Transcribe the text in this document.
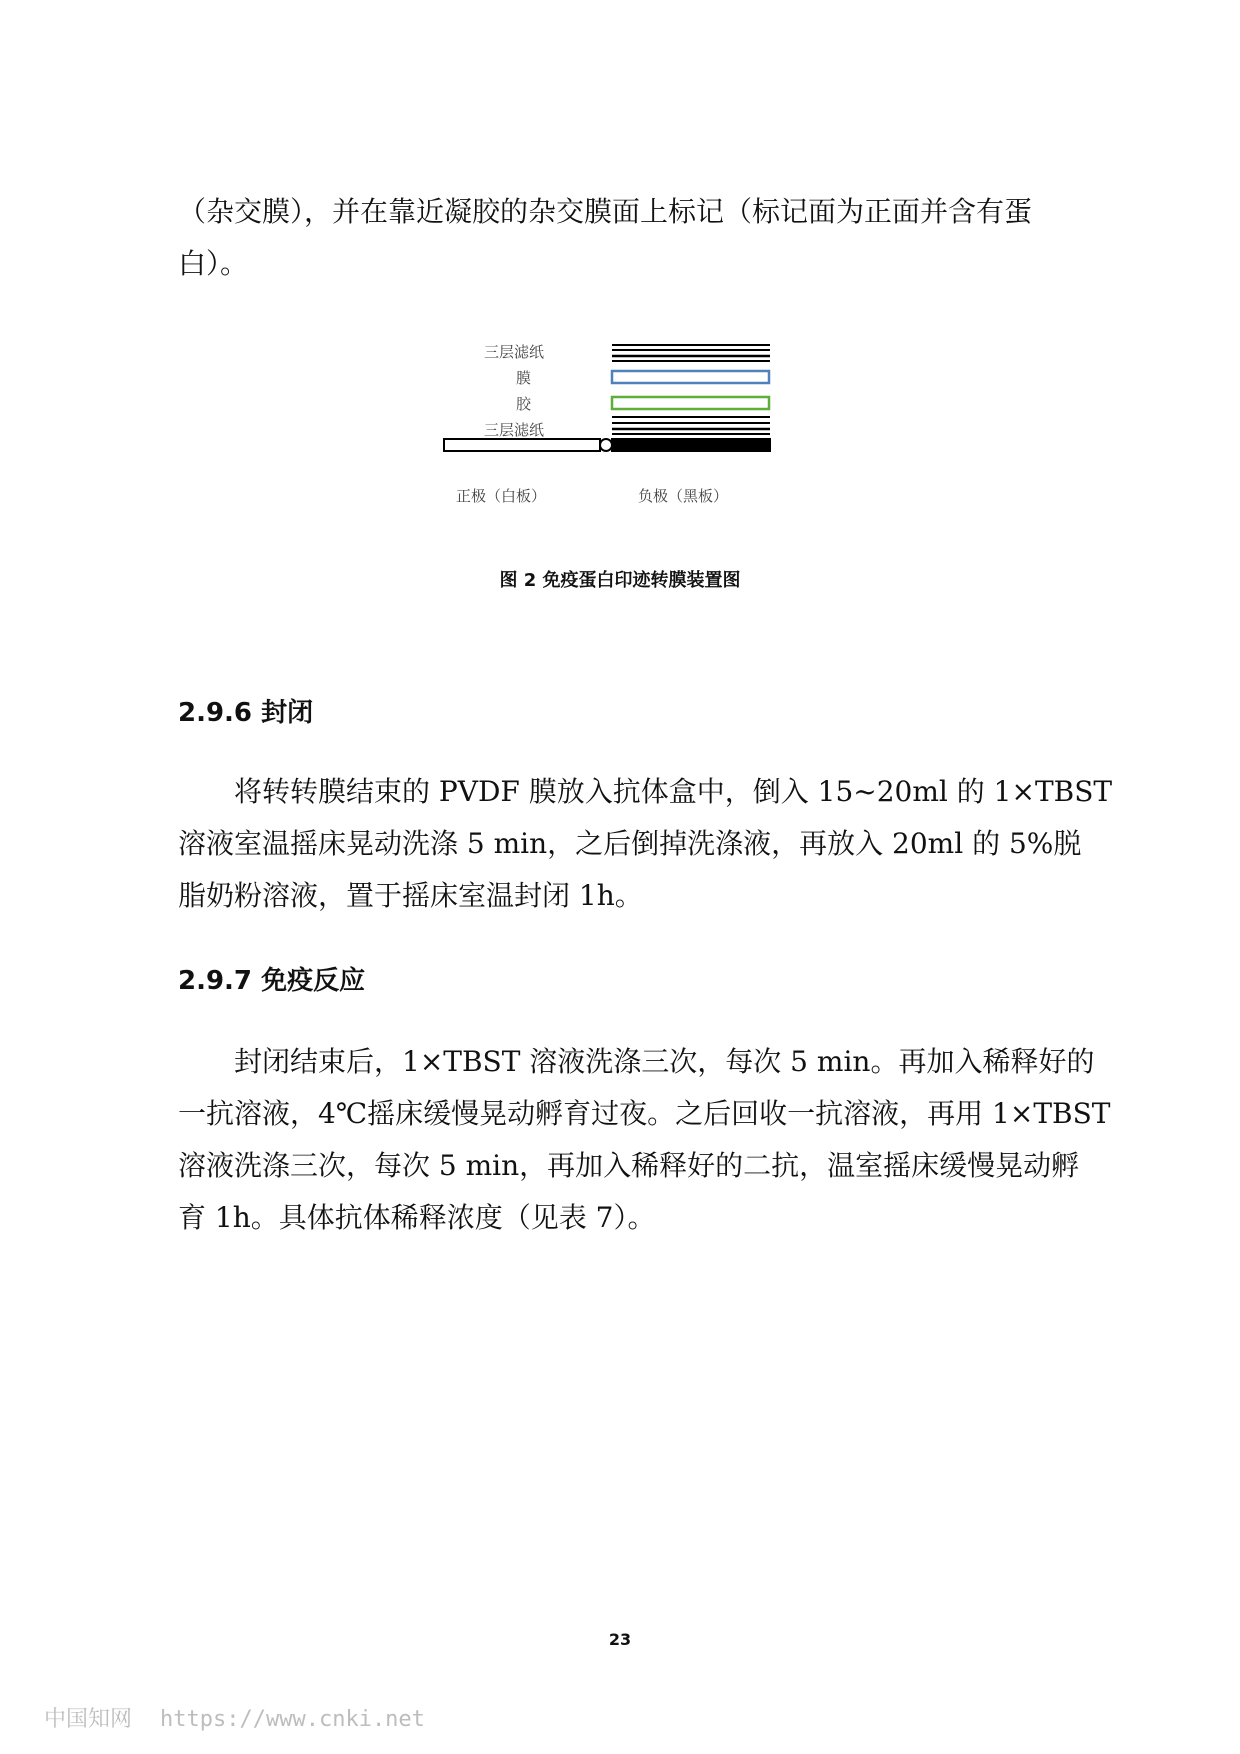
（杂交膜），并在靠近凝胶的杂交膜面上标记（标记面为正面并含有蛋
白）。
三层滤纸
膜
胶
三层滤纸
正极（白板）	负极（黑板）
图 2 免疫蛋白印迹转膜装置图
2.9.6 封闭
将转转膜结束的 PVDF 膜放入抗体盒中，倒入 15~20ml 的 1×TBST
溶液室温摇床晃动洗涤 5 min，之后倒掉洗涤液，再放入 20ml 的 5%脱
脂奶粉溶液，置于摇床室温封闭 1h。
2.9.7 免疫反应
封闭结束后，1×TBST 溶液洗涤三次，每次 5 min。再加入稀释好的
一抗溶液，4℃摇床缓慢晃动孵育过夜。之后回收一抗溶液，再用 1×TBST
溶液洗涤三次，每次 5 min，再加入稀释好的二抗，温室摇床缓慢晃动孵
育 1h。具体抗体稀释浓度（见表 7）。
23
中国知网 https://www.cnki.net
